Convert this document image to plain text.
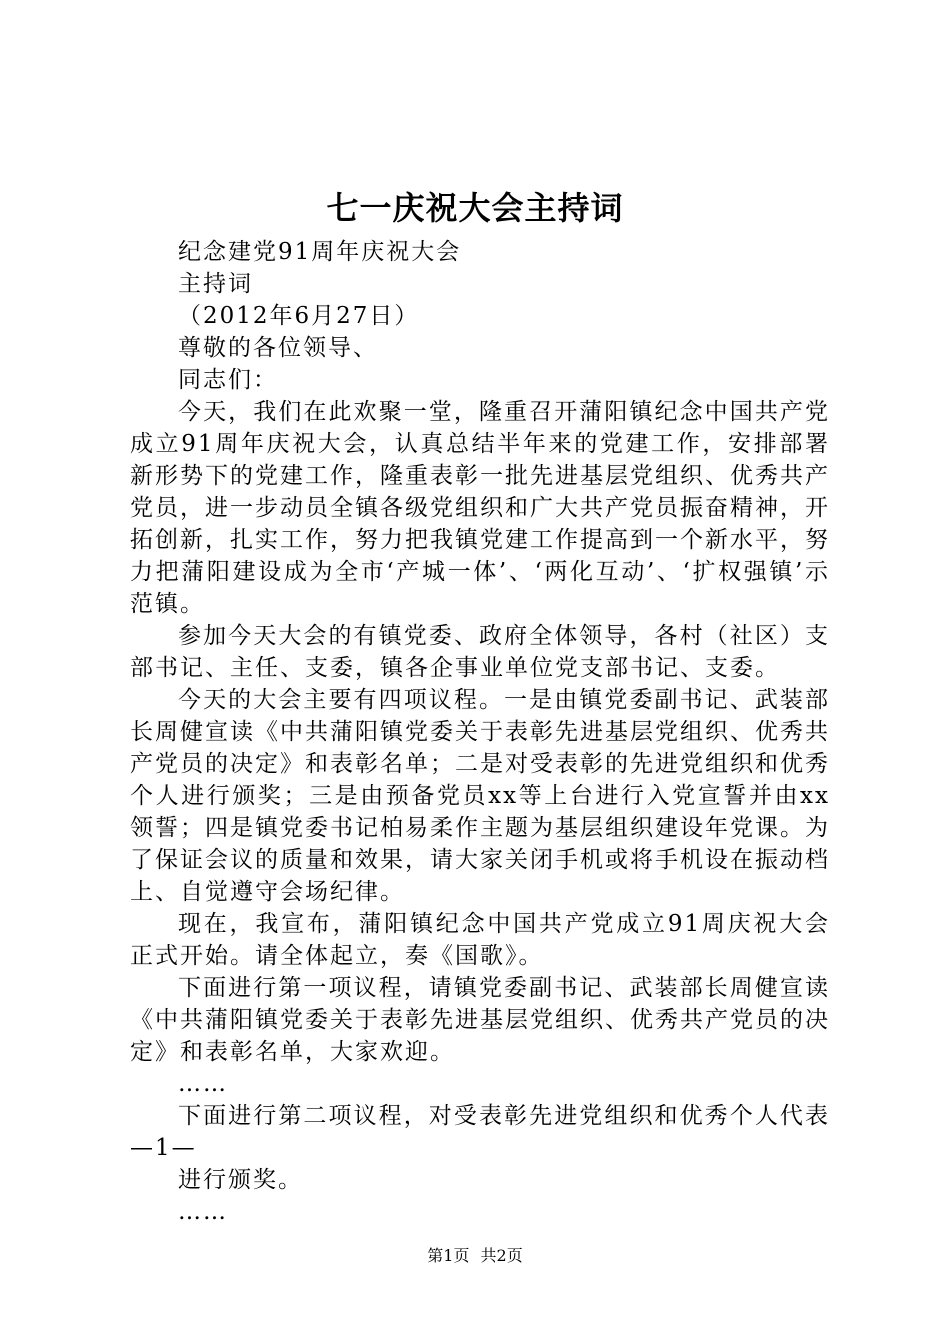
七一庆祝大会主持词

纪念建党91周年庆祝大会

主持词

（2012年6月27日）

尊敬的各位领导、

同志们：

今天，我们在此欢聚一堂，隆重召开蒲阳镇纪念中国共产党成立91周年庆祝大会，认真总结半年来的党建工作，安排部署新形势下的党建工作，隆重表彰一批先进基层党组织、优秀共产党员，进一步动员全镇各级党组织和广大共产党员振奋精神，开拓创新，扎实工作，努力把我镇党建工作提高到一个新水平，努力把蒲阳建设成为全市‘产城一体’、‘两化互动’、‘扩权强镇’示范镇。

参加今天大会的有镇党委、政府全体领导，各村（社区）支部书记、主任、支委，镇各企事业单位党支部书记、支委。

今天的大会主要有四项议程。一是由镇党委副书记、武装部长周健宣读《中共蒲阳镇党委关于表彰先进基层党组织、优秀共产党员的决定》和表彰名单；二是对受表彰的先进党组织和优秀个人进行颁奖；三是由预备党员xx等上台进行入党宣誓并由xx领誓；四是镇党委书记柏易柔作主题为基层组织建设年党课。为了保证会议的质量和效果，请大家关闭手机或将手机设在振动档上、自觉遵守会场纪律。

现在，我宣布，蒲阳镇纪念中国共产党成立91周庆祝大会正式开始。请全体起立，奏《国歌》。

下面进行第一项议程，请镇党委副书记、武装部长周健宣读《中共蒲阳镇党委关于表彰先进基层党组织、优秀共产党员的决定》和表彰名单，大家欢迎。

……

下面进行第二项议程，对受表彰先进党组织和优秀个人代表—1—

进行颁奖。

……

第1页 共2页
